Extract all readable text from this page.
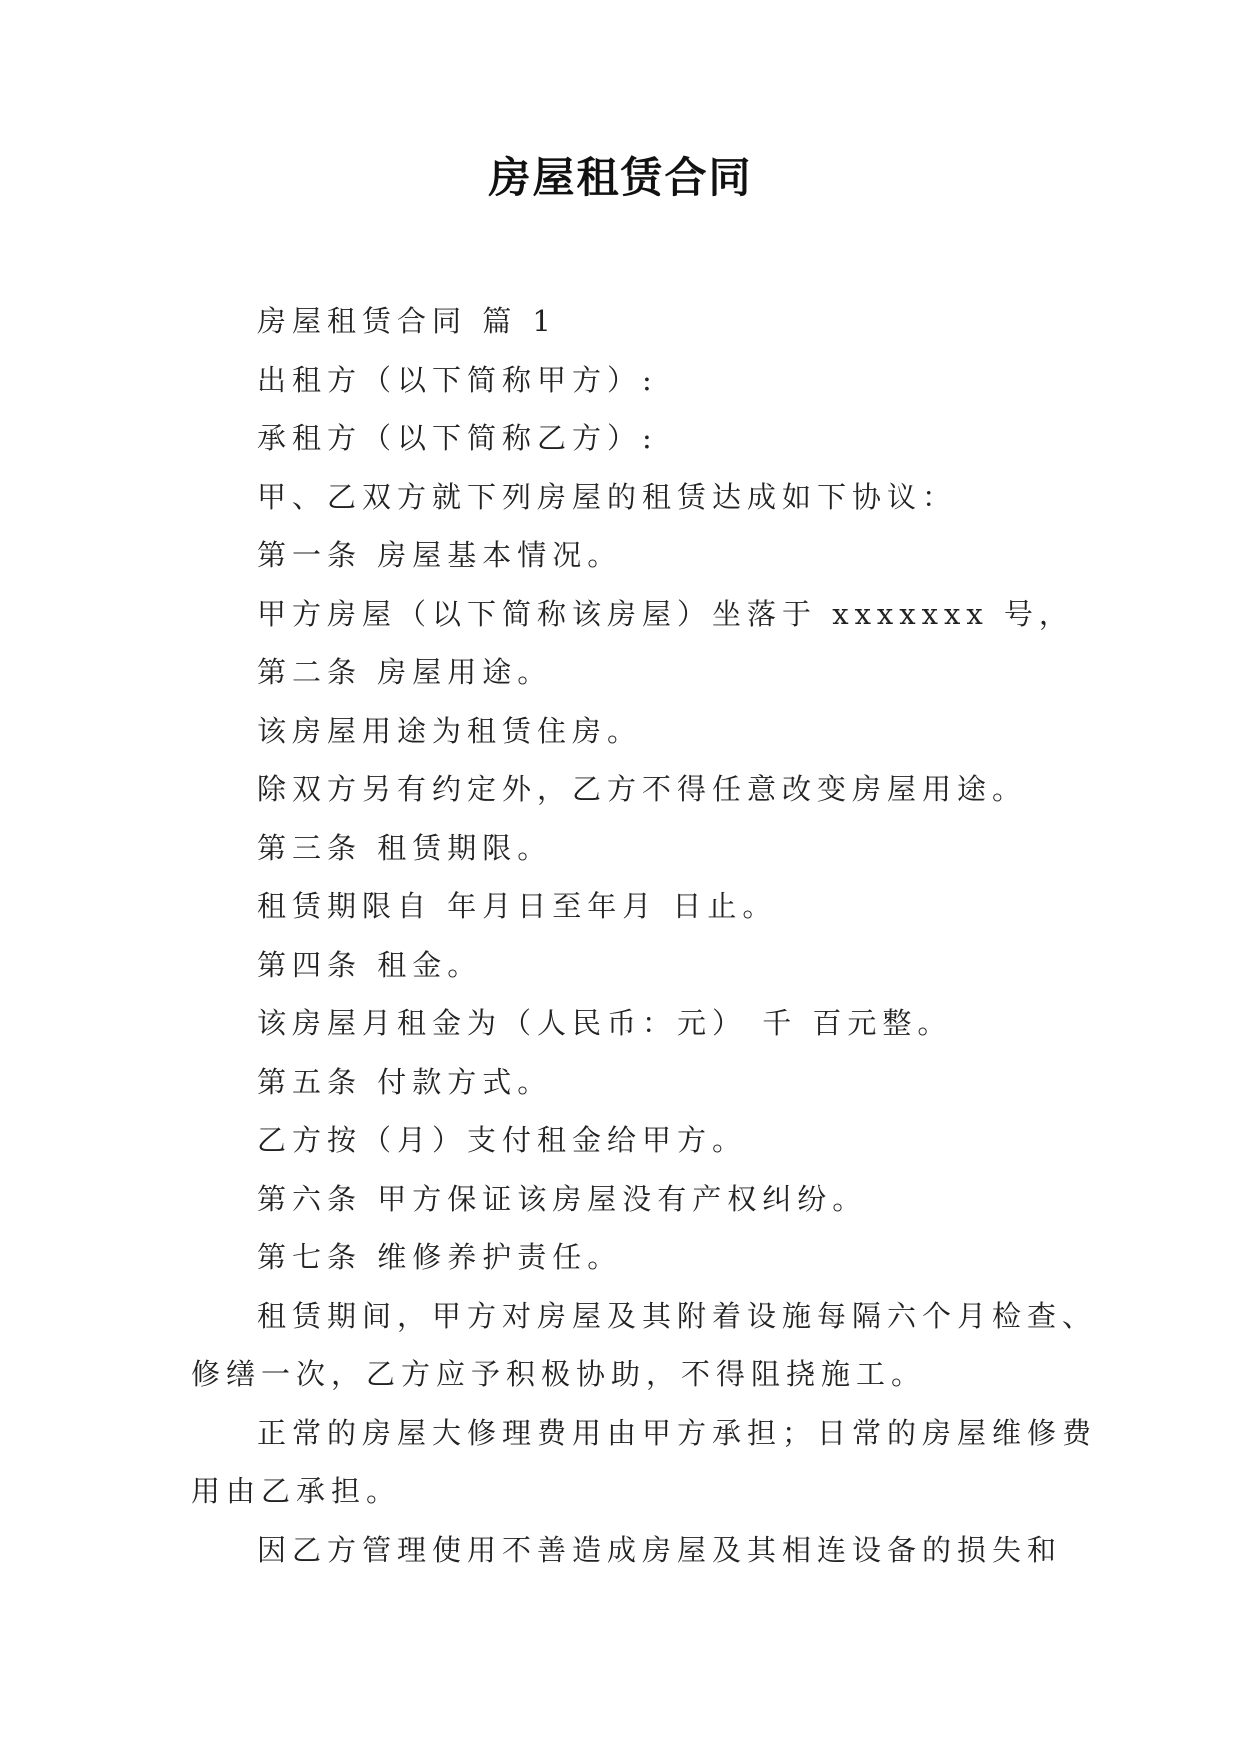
房屋租赁合同

房屋租赁合同 篇 1

出租方（以下简称甲方）:

承租方（以下简称乙方）:

甲、乙双方就下列房屋的租赁达成如下协议：

第一条 房屋基本情况。

甲方房屋（以下简称该房屋）坐落于 xxxxxxx 号，

第二条 房屋用途。

该房屋用途为租赁住房。

除双方另有约定外，乙方不得任意改变房屋用途。

第三条 租赁期限。

租赁期限自 年月日至年月 日止。

第四条 租金。

该房屋月租金为（人民币：元） 千 百元整。

第五条 付款方式。

乙方按（月）支付租金给甲方。

第六条 甲方保证该房屋没有产权纠纷。

第七条 维修养护责任。

租赁期间，甲方对房屋及其附着设施每隔六个月检查、

修缮一次，乙方应予积极协助，不得阻挠施工。

正常的房屋大修理费用由甲方承担；日常的房屋维修费

用由乙承担。

因乙方管理使用不善造成房屋及其相连设备的损失和
